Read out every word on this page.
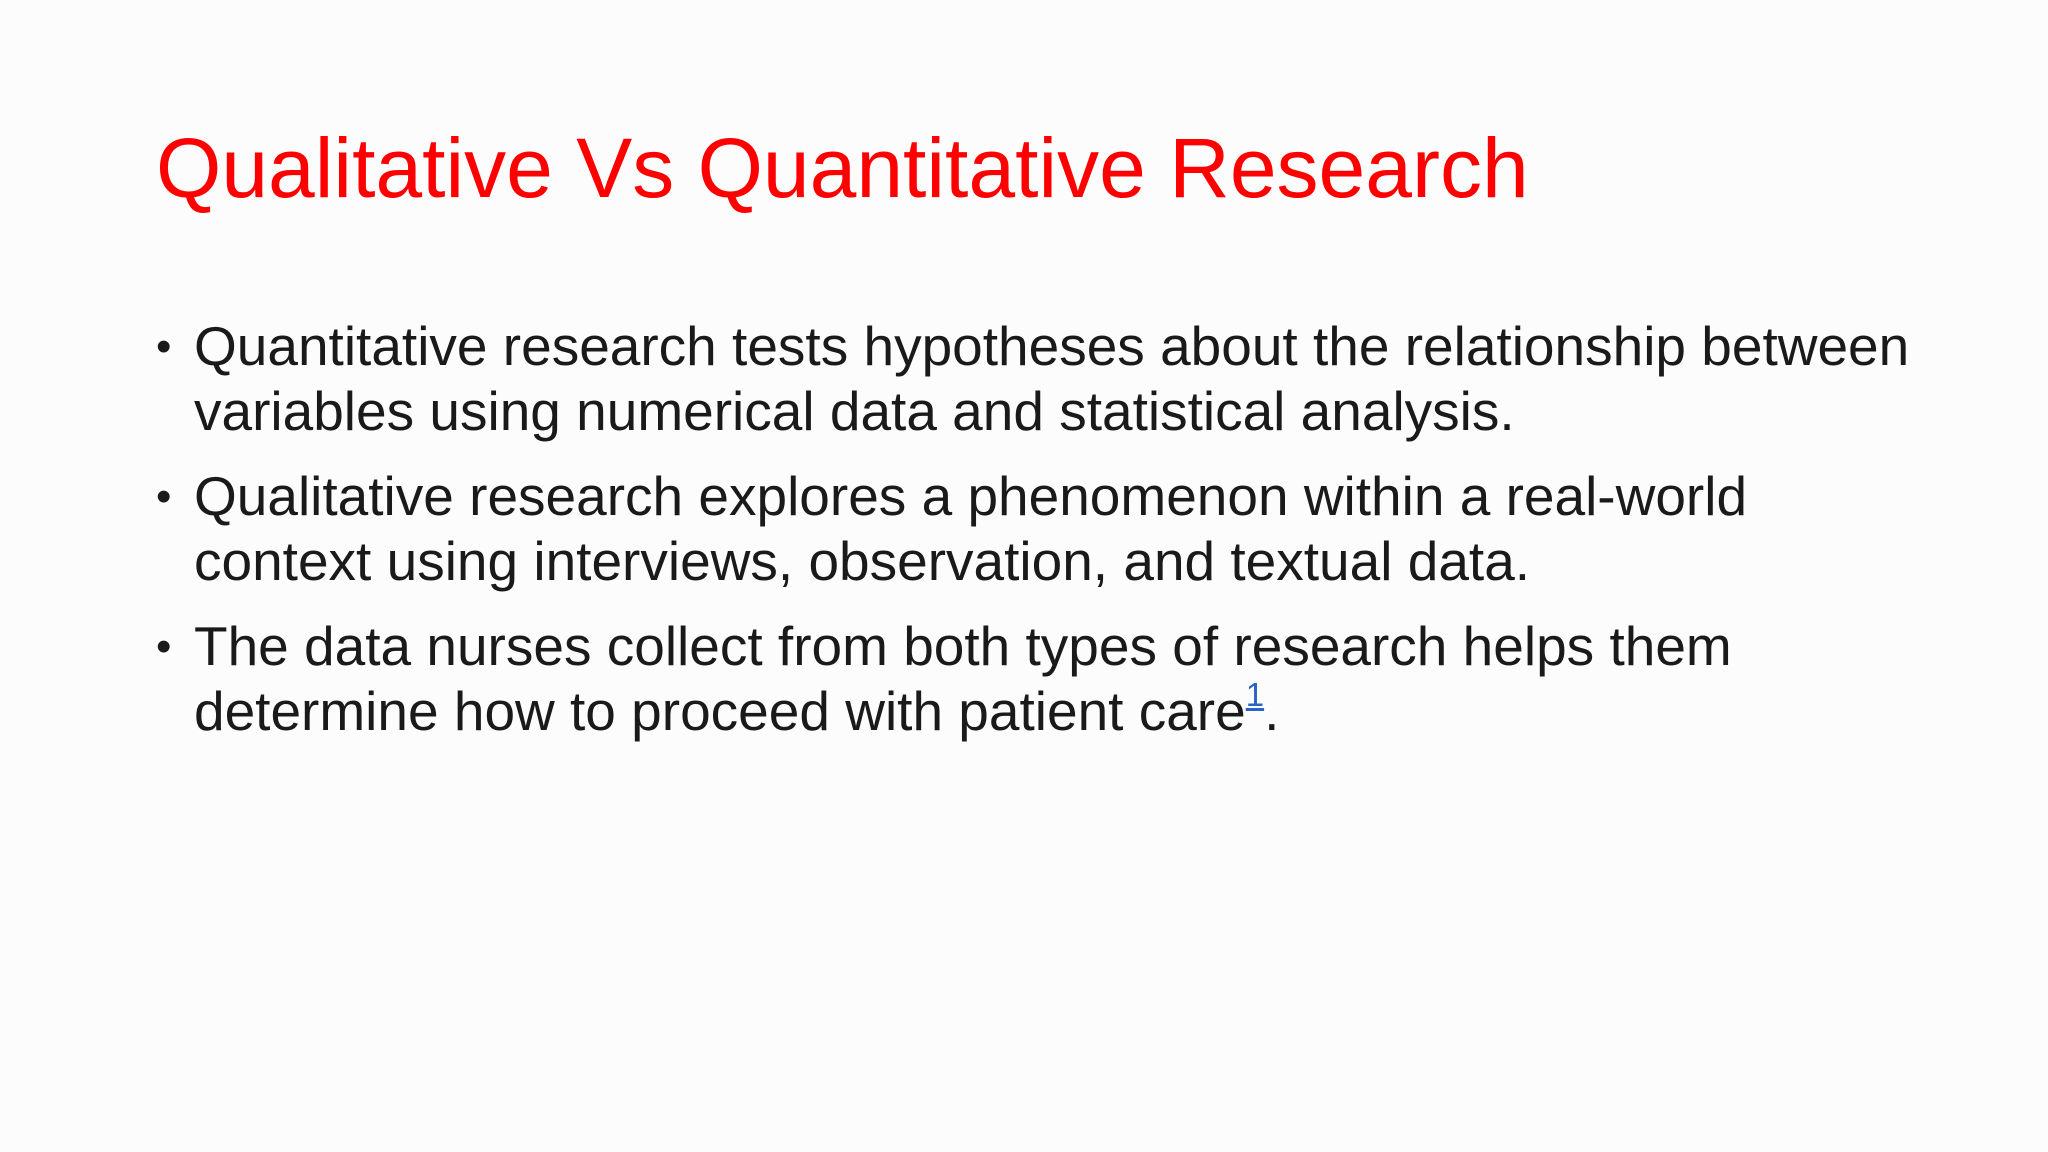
Qualitative Vs Quantitative Research
• Quantitative research tests hypotheses about the relationship between variables using numerical data and statistical analysis.
• Qualitative research explores a phenomenon within a real-world context using interviews, observation, and textual data.
• The data nurses collect from both types of research helps them determine how to proceed with patient care$^1$.
